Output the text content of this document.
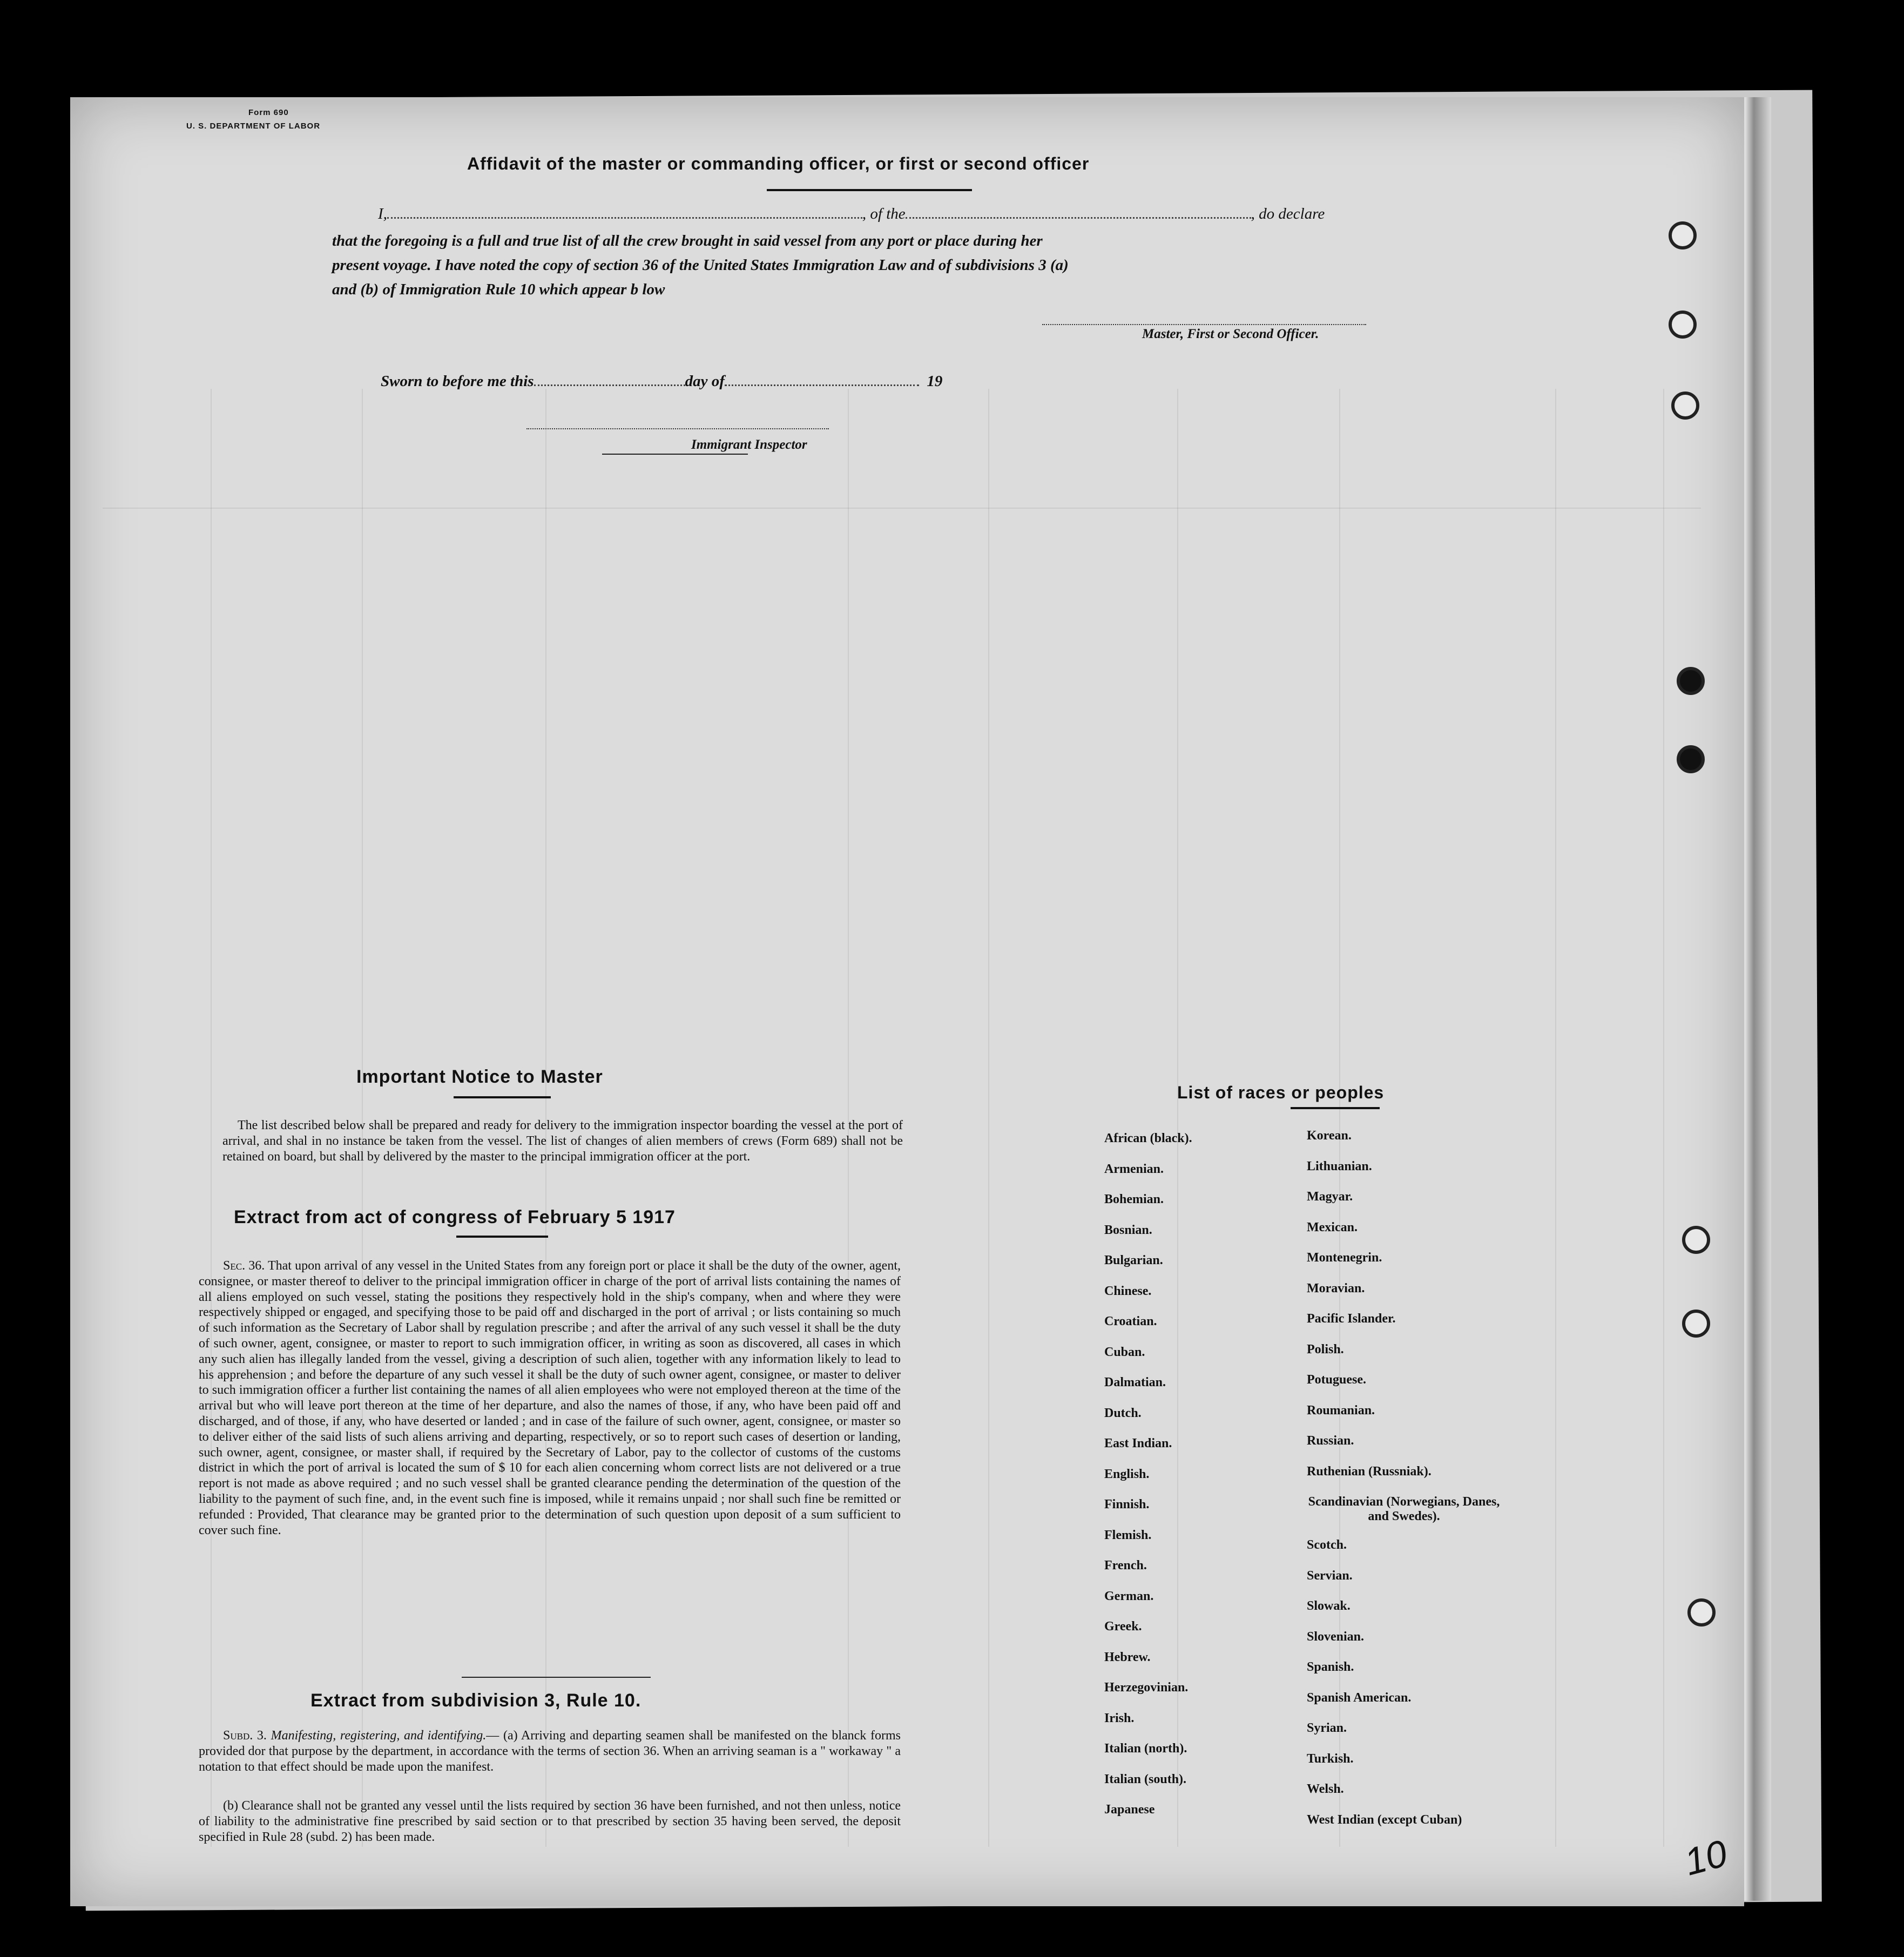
Form 690
U. S. DEPARTMENT OF LABOR
Affidavit of the master or commanding officer, or first or second officer
I,	, of the	, do declare
that the foregoing is a full and true list of all the crew brought in said vessel from any port or place during her
present voyage. I have noted the copy of section 36 of the United States Immigration Law and of subdivisions 3 (a)
and (b) of Immigration Rule 10 which appear b low
Master, First or Second Officer.
Sworn to before me this	day of	19
Immigrant Inspector
Important Notice to Master
The list described below shall be prepared and ready for delivery to the immigration inspector boarding the vessel at the port of arrival, and shal in no instance be taken from the vessel. The list of changes of alien members of crews (Form 689) shall not be retained on board, but shall by delivered by the master to the principal immigration officer at the port.
Extract from act of congress of February 5 1917
Sec. 36. That upon arrival of any vessel in the United States from any foreign port or place it shall be the duty of the owner, agent, consignee, or master thereof to deliver to the principal immigration officer in charge of the port of arrival lists containing the names of all aliens employed on such vessel, stating the positions they respectively hold in the ship's company, when and where they were respectively shipped or engaged, and specifying those to be paid off and discharged in the port of arrival ; or lists containing so much of such information as the Secretary of Labor shall by regulation prescribe ; and after the arrival of any such vessel it shall be the duty of such owner, agent, consignee, or master to report to such immigration officer, in writing as soon as discovered, all cases in which any such alien has illegally landed from the vessel, giving a description of such alien, together with any information likely to lead to his apprehension ; and before the departure of any such vessel it shall be the duty of such owner agent, consignee, or master to deliver to such immigration officer a further list containing the names of all alien employees who were not employed thereon at the time of the arrival but who will leave port thereon at the time of her departure, and also the names of those, if any, who have been paid off and discharged, and of those, if any, who have deserted or landed ; and in case of the failure of such owner, agent, consignee, or master so to deliver either of the said lists of such aliens arriving and departing, respectively, or so to report such cases of desertion or landing, such owner, agent, consignee, or master shall, if required by the Secretary of Labor, pay to the collector of customs of the customs district in which the port of arrival is located the sum of $ 10 for each alien concerning whom correct lists are not delivered or a true report is not made as above required ; and no such vessel shall be granted clearance pending the determination of the question of the liability to the payment of such fine, and, in the event such fine is imposed, while it remains unpaid ; nor shall such fine be remitted or refunded : Provided, That clearance may be granted prior to the determination of such question upon deposit of a sum sufficient to cover such fine.
Extract from subdivision 3, Rule 10.
Subd. 3. Manifesting, registering, and identifying.— (a) Arriving and departing seamen shall be manifested on the blanck forms provided dor that purpose by the department, in accordance with the terms of section 36. When an arriving seaman is a " workaway " a notation to that effect should be made upon the manifest.
(b) Clearance shall not be granted any vessel until the lists required by section 36 have been furnished, and not then unless, notice of liability to the administrative fine prescribed by said section or to that prescribed by section 35 having been served, the deposit specified in Rule 28 (subd. 2) has been made.
List of races or peoples
African (black).
Armenian.
Bohemian.
Bosnian.
Bulgarian.
Chinese.
Croatian.
Cuban.
Dalmatian.
Dutch.
East Indian.
English.
Finnish.
Flemish.
French.
German.
Greek.
Hebrew.
Herzegovinian.
Irish.
Italian (north).
Italian (south).
Japanese
Korean.
Lithuanian.
Magyar.
Mexican.
Montenegrin.
Moravian.
Pacific Islander.
Polish.
Potuguese.
Roumanian.
Russian.
Ruthenian (Russniak).
Scandinavian (Norwegians, Danes, and Swedes).
Scotch.
Servian.
Slowak.
Slovenian.
Spanish.
Spanish American.
Syrian.
Turkish.
Welsh.
West Indian (except Cuban)
10
